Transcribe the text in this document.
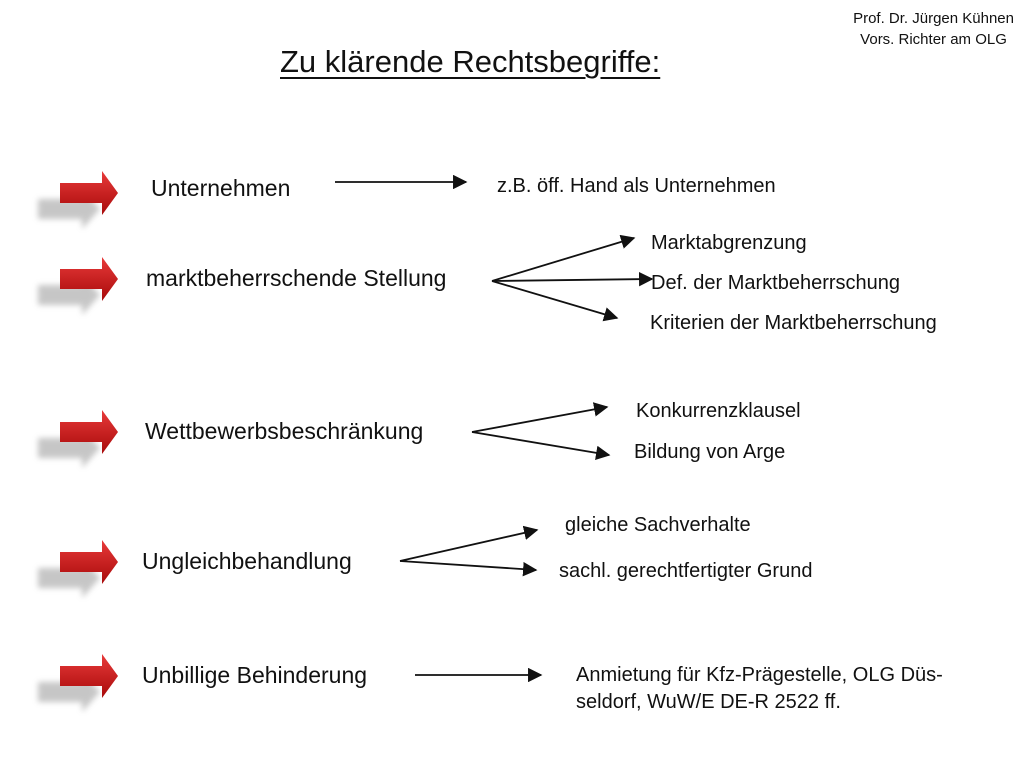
Prof. Dr. Jürgen Kühnen
Vors. Richter am OLG
Zu klärende Rechtsbegriffe:
Unternehmen
marktbeherrschende Stellung
Wettbewerbsbeschränkung
Ungleichbehandlung
Unbillige Behinderung
z.B. öff. Hand als Unternehmen
Marktabgrenzung
Def. der Marktbeherrschung
Kriterien der Marktbeherrschung
Konkurrenzklausel
Bildung von Arge
gleiche Sachverhalte
sachl. gerechtfertigter Grund
Anmietung für Kfz-Prägestelle, OLG Düs-seldorf, WuW/E DE-R 2522 ff.
